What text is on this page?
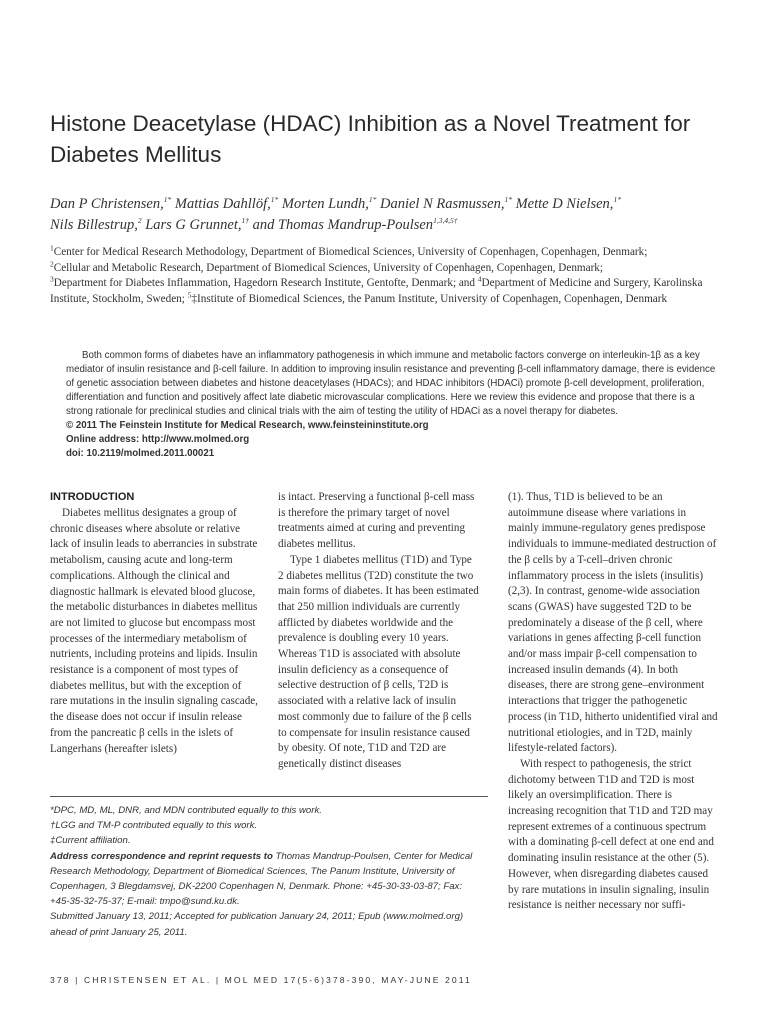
Histone Deacetylase (HDAC) Inhibition as a Novel Treatment for Diabetes Mellitus
Dan P Christensen,$^{1*}$ Mattias Dahllöf,$^{1*}$ Morten Lundh,$^{1*}$ Daniel N Rasmussen,$^{1*}$ Mette D Nielsen,$^{1*}$
Nils Billestrup,$^2$ Lars G Grunnet,$^{1\dagger}$ and Thomas Mandrup-Poulsen$^{1,3,4,5\dagger}$
$^1$Center for Medical Research Methodology, Department of Biomedical Sciences, University of Copenhagen, Copenhagen, Denmark;
$^2$Cellular and Metabolic Research, Department of Biomedical Sciences, University of Copenhagen, Copenhagen, Denmark;
$^3$Department for Diabetes Inflammation, Hagedorn Research Institute, Gentofte, Denmark; and $^4$Department of Medicine and Surgery, Karolinska Institute, Stockholm, Sweden; $^5$‡Institute of Biomedical Sciences, the Panum Institute, University of Copenhagen, Copenhagen, Denmark

Both common forms of diabetes have an inflammatory pathogenesis in which immune and metabolic factors converge on interleukin-1β as a key mediator of insulin resistance and β-cell failure. In addition to improving insulin resistance and preventing β-cell inflammatory damage, there is evidence of genetic association between diabetes and histone deacetylases (HDACs); and HDAC inhibitors (HDACi) promote β-cell development, proliferation, differentiation and function and positively affect late diabetic microvascular complications. Here we review this evidence and propose that there is a strong rationale for preclinical studies and clinical trials with the aim of testing the utility of HDACi as a novel therapy for diabetes.

© 2011 The Feinstein Institute for Medical Research, www.feinsteininstitute.org
Online address: http://www.molmed.org
doi: 10.2119/molmed.2011.00021
INTRODUCTION

Diabetes mellitus designates a group of chronic diseases where absolute or relative lack of insulin leads to aberrancies in substrate metabolism, causing acute and long-term complications. Although the clinical and diagnostic hallmark is elevated blood glucose, the metabolic disturbances in diabetes mellitus are not limited to glucose but encompass most processes of the intermediary metabolism of nutrients, including proteins and lipids. Insulin resistance is a component of most types of diabetes mellitus, but with the exception of rare mutations in the insulin signaling cascade, the disease does not occur if insulin release from the pancreatic β cells in the islets of Langerhans (hereafter islets)

is intact. Preserving a functional β-cell mass is therefore the primary target of novel treatments aimed at curing and preventing diabetes mellitus.

Type 1 diabetes mellitus (T1D) and Type 2 diabetes mellitus (T2D) constitute the two main forms of diabetes. It has been estimated that 250 million individuals are currently afflicted by diabetes worldwide and the prevalence is doubling every 10 years. Whereas T1D is associated with absolute insulin deficiency as a consequence of selective destruction of β cells, T2D is associated with a relative lack of insulin most commonly due to failure of the β cells to compensate for insulin resistance caused by obesity. Of note, T1D and T2D are genetically distinct diseases

(1). Thus, T1D is believed to be an autoimmune disease where variations in mainly immune-regulatory genes predispose individuals to immune-mediated destruction of the β cells by a T-cell–driven chronic inflammatory process in the islets (insulitis) (2,3). In contrast, genome-wide association scans (GWAS) have suggested T2D to be predominately a disease of the β cell, where variations in genes affecting β-cell function and/or mass impair β-cell compensation to increased insulin demands (4). In both diseases, there are strong gene–environment interactions that trigger the pathogenetic process (in T1D, hitherto unidentified viral and nutritional etiologies, and in T2D, mainly lifestyle-related factors).

With respect to pathogenesis, the strict dichotomy between T1D and T2D is most likely an oversimplification. There is increasing recognition that T1D and T2D may represent extremes of a continuous spectrum with a dominating β-cell defect at one end and dominating insulin resistance at the other (5). However, when disregarding diabetes caused by rare mutations in insulin signaling, insulin resistance is neither necessary nor suffi-

*DPC, MD, ML, DNR, and MDN contributed equally to this work.
†LGG and TM-P contributed equally to this work.
‡Current affiliation.
Address correspondence and reprint requests to Thomas Mandrup-Poulsen, Center for Medical Research Methodology, Department of Biomedical Sciences, The Panum Institute, University of Copenhagen, 3 Blegdamsvej, DK-2200 Copenhagen N, Denmark. Phone: +45-30-33-03-87; Fax: +45-35-32-75-37; E-mail: tmpo@sund.ku.dk.
Submitted January 13, 2011; Accepted for publication January 24, 2011; Epub (www.molmed.org) ahead of print January 25, 2011.
378 | CHRISTENSEN ET AL. | MOL MED 17(5-6)378-390, MAY-JUNE 2011
